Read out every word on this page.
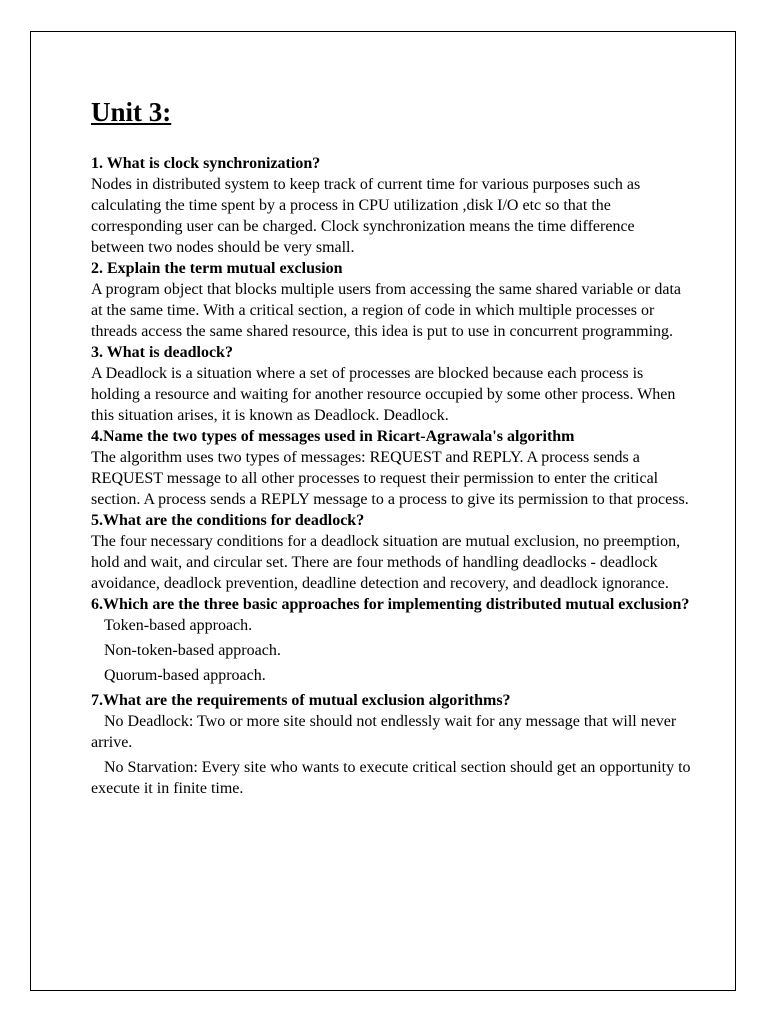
Unit 3:

1. What is clock synchronization?

Nodes in distributed system to keep track of current time for various purposes such as calculating the time spent by a process in CPU utilization ,disk I/O etc so that the corresponding user can be charged. Clock synchronization means the time difference between two nodes should be very small.

2. Explain the term mutual exclusion

A program object that blocks multiple users from accessing the same shared variable or data at the same time. With a critical section, a region of code in which multiple processes or threads access the same shared resource, this idea is put to use in concurrent programming.

3. What is deadlock?

A Deadlock is a situation where a set of processes are blocked because each process is holding a resource and waiting for another resource occupied by some other process. When this situation arises, it is known as Deadlock. Deadlock.

4.Name the two types of messages used in Ricart-Agrawala's algorithm

The algorithm uses two types of messages: REQUEST and REPLY. A process sends a REQUEST message to all other processes to request their permission to enter the critical section. A process sends a REPLY message to a process to give its permission to that process.

5.What are the conditions for deadlock?

The four necessary conditions for a deadlock situation are mutual exclusion, no preemption, hold and wait, and circular set. There are four methods of handling deadlocks - deadlock avoidance, deadlock prevention, deadline detection and recovery, and deadlock ignorance.

6.Which are the three basic approaches for implementing distributed mutual exclusion?

Token-based approach.

Non-token-based approach.

Quorum-based approach.

7.What are the requirements of mutual exclusion algorithms?

No Deadlock: Two or more site should not endlessly wait for any message that will never arrive.

No Starvation: Every site who wants to execute critical section should get an opportunity to execute it in finite time.
